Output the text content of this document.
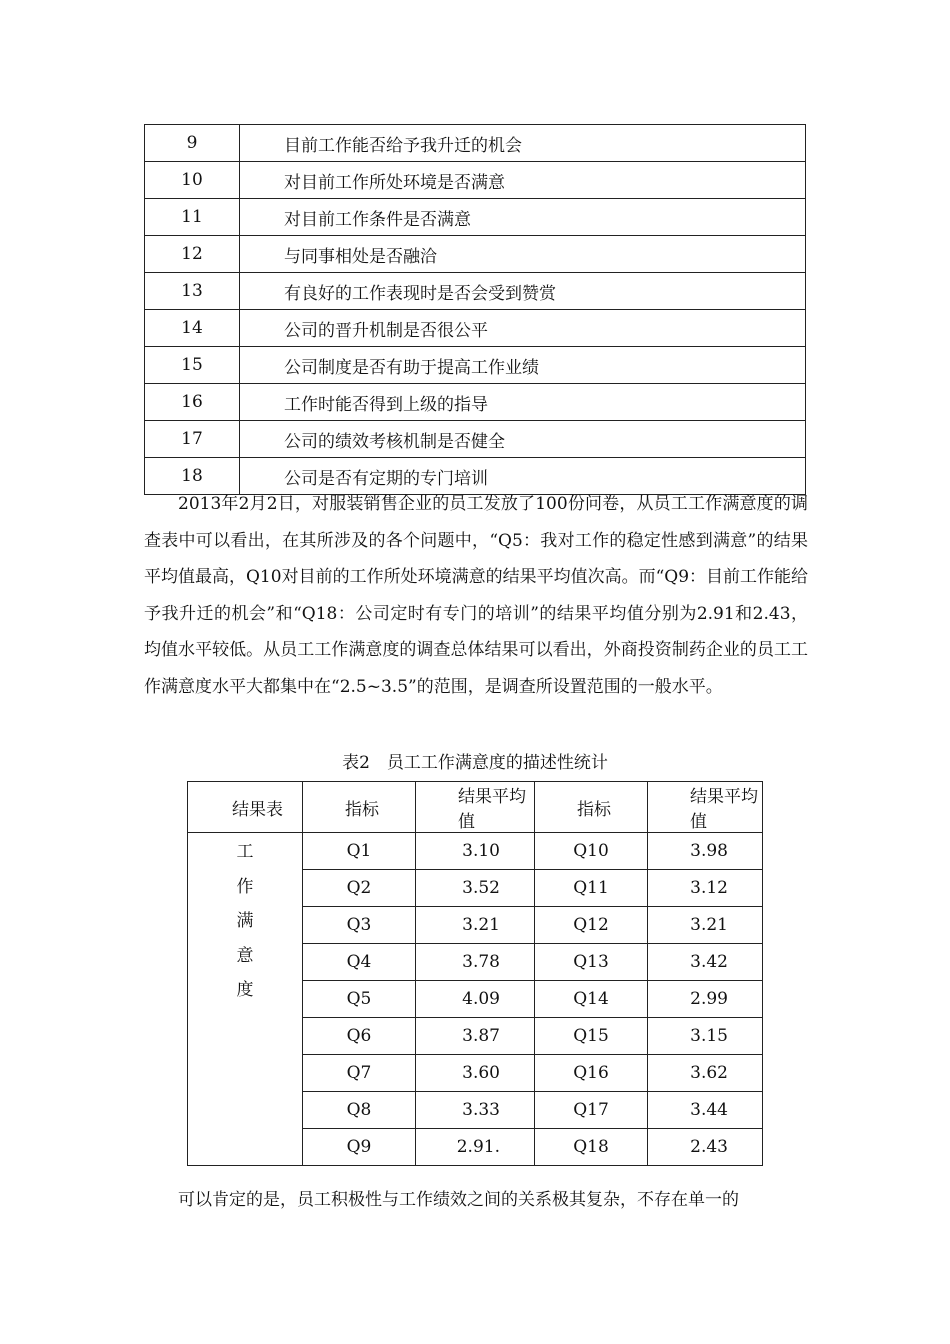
9	目前工作能否给予我升迁的机会
10	对目前工作所处环境是否满意
11	对目前工作条件是否满意
12	与同事相处是否融洽
13	有良好的工作表现时是否会受到赞赏
14	公司的晋升机制是否很公平
15	公司制度是否有助于提高工作业绩
16	工作时能否得到上级的指导
17	公司的绩效考核机制是否健全
18	公司是否有定期的专门培训

2013年2月2日，对服装销售企业的员工发放了100份问卷，从员工工作满意度的调查表中可以看出，在其所涉及的各个问题中，“Q5：我对工作的稳定性感到满意”的结果平均值最高，Q10对目前的工作所处环境满意的结果平均值次高。而“Q9：目前工作能给予我升迁的机会”和“Q18：公司定时有专门的培训”的结果平均值分别为2.91和2.43，均值水平较低。从员工工作满意度的调查总体结果可以看出，外商投资制药企业的员工工作满意度水平大都集中在“2.5~3.5”的范围，是调查所设置范围的一般水平。

表2　员工工作满意度的描述性统计
结果表	指标	结果平均值	指标	结果平均值

工
作
满
意
度	Q1	3.10	Q10	3.98
	Q2	3.52	Q11	3.12
	Q3	3.21	Q12	3.21
	Q4	3.78	Q13	3.42
	Q5	4.09	Q14	2.99
	Q6	3.87	Q15	3.15
	Q7	3.60	Q16	3.62
	Q8	3.33	Q17	3.44
	Q9	2.91.	Q18	2.43

可以肯定的是，员工积极性与工作绩效之间的关系极其复杂，不存在单一的
